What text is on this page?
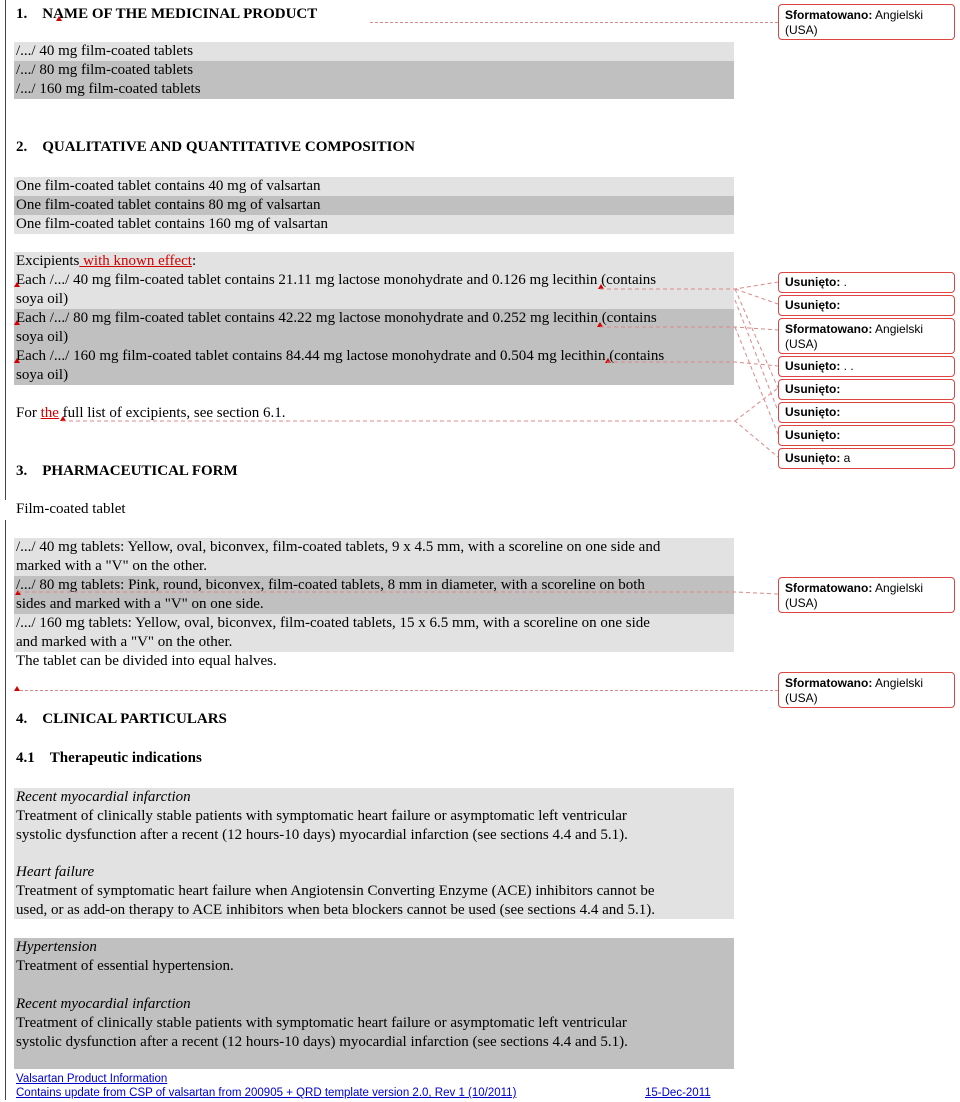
1. NAME OF THE MEDICINAL PRODUCT
/.../ 40 mg film-coated tablets
/.../ 80 mg film-coated tablets
/.../ 160 mg film-coated tablets
2. QUALITATIVE AND QUANTITATIVE COMPOSITION
One film-coated tablet contains 40 mg of valsartan
One film-coated tablet contains 80 mg of valsartan
One film-coated tablet contains 160 mg of valsartan
Excipients with known effect:
Each /.../ 40 mg film-coated tablet contains 21.11 mg lactose monohydrate and 0.126 mg lecithin (contains
soya oil)
Each /.../ 80 mg film-coated tablet contains 42.22 mg lactose monohydrate and 0.252 mg lecithin (contains
soya oil)
Each /.../ 160 mg film-coated tablet contains 84.44 mg lactose monohydrate and 0.504 mg lecithin (contains
soya oil)
For the full list of excipients, see section 6.1.
3. PHARMACEUTICAL FORM
Film-coated tablet
/.../ 40 mg tablets: Yellow, oval, biconvex, film-coated tablets, 9 x 4.5 mm, with a scoreline on one side and
marked with a "V" on the other.
/.../ 80 mg tablets: Pink, round, biconvex, film-coated tablets, 8 mm in diameter, with a scoreline on both
sides and marked with a "V" on one side.
/.../ 160 mg tablets: Yellow, oval, biconvex, film-coated tablets, 15 x 6.5 mm, with a scoreline on one side
and marked with a "V" on the other.
The tablet can be divided into equal halves.
4. CLINICAL PARTICULARS
4.1 Therapeutic indications
Recent myocardial infarction
Treatment of clinically stable patients with symptomatic heart failure or asymptomatic left ventricular
systolic dysfunction after a recent (12 hours-10 days) myocardial infarction (see sections 4.4 and 5.1).
Heart failure
Treatment of symptomatic heart failure when Angiotensin Converting Enzyme (ACE) inhibitors cannot be
used, or as add-on therapy to ACE inhibitors when beta blockers cannot be used (see sections 4.4 and 5.1).
Hypertension
Treatment of essential hypertension.
Recent myocardial infarction
Treatment of clinically stable patients with symptomatic heart failure or asymptomatic left ventricular
systolic dysfunction after a recent (12 hours-10 days) myocardial infarction (see sections 4.4 and 5.1).
Valsartan Product Information
Contains update from CSP of valsartan from 200905 + QRD template version 2.0, Rev 1 (10/2011)	15-Dec-2011
Sformatowano: Angielski (USA)
Usunięto: .
Usunięto:
Sformatowano: Angielski (USA)
Usunięto: . .
Usunięto:
Usunięto:
Usunięto:
Usunięto: a
Sformatowano: Angielski (USA)
Sformatowano: Angielski (USA)
